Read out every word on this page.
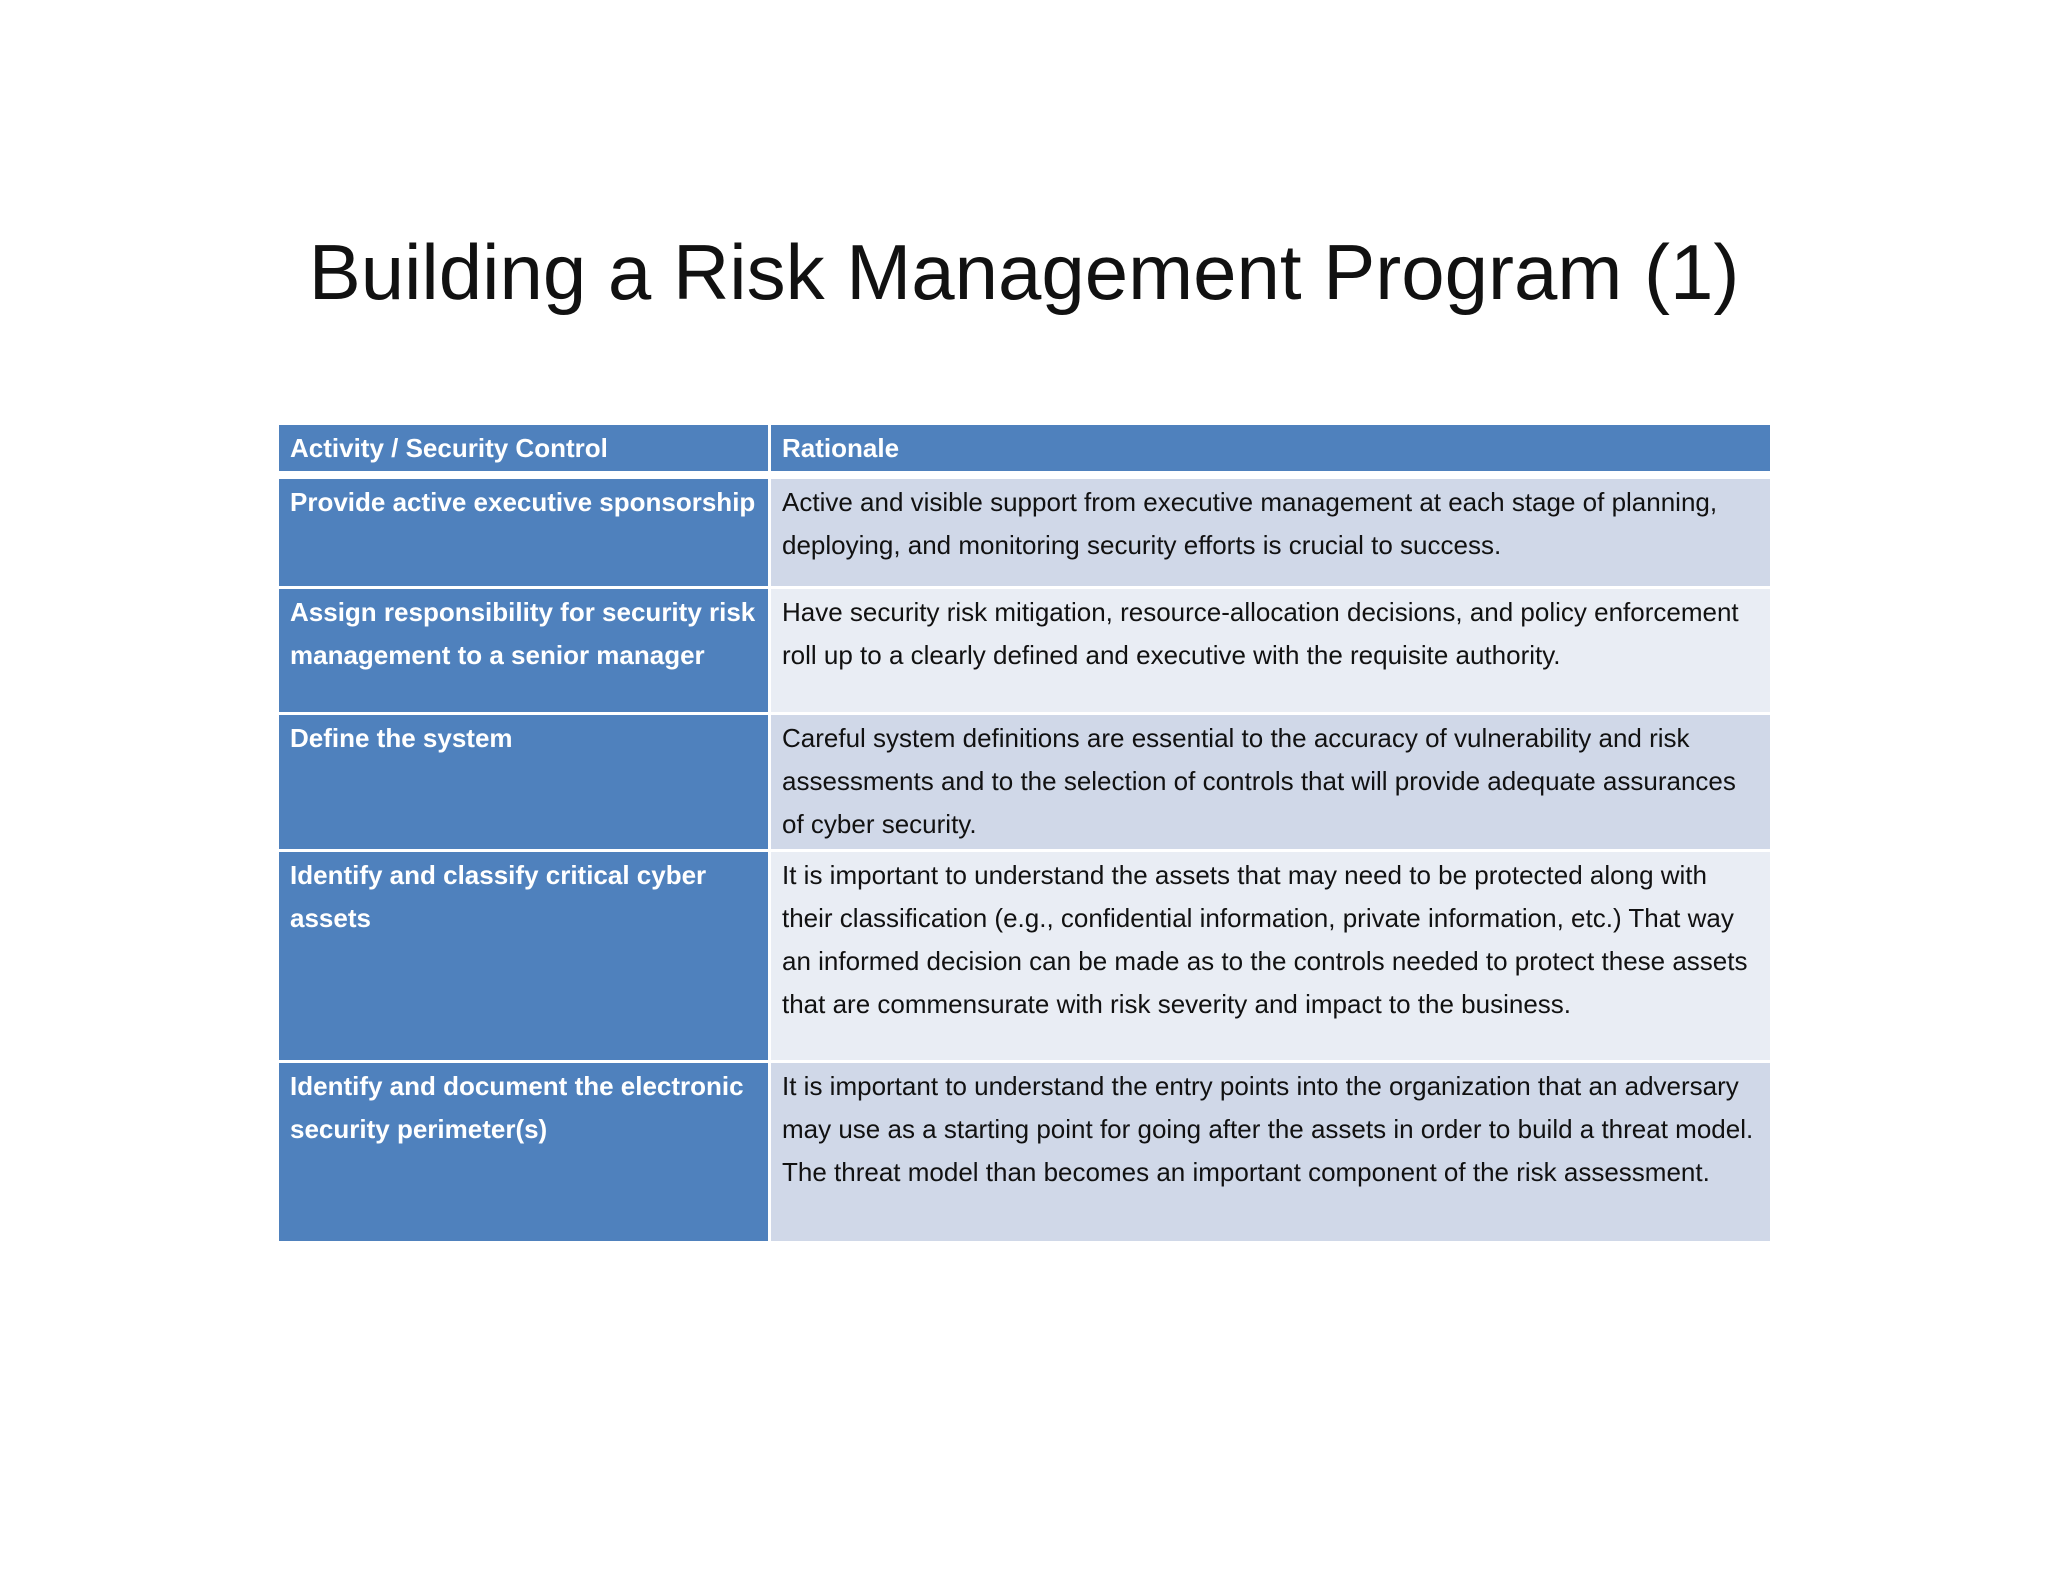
Building a Risk Management Program (1)
Activity / Security Control	Rationale
Provide active executive sponsorship	Active and visible support from executive management at each stage of planning, deploying, and monitoring security efforts is crucial to success.
Assign responsibility for security risk management to a senior manager	Have security risk mitigation, resource-allocation decisions, and policy enforcement roll up to a clearly defined and executive with the requisite authority.
Define the system	Careful system definitions are essential to the accuracy of vulnerability and risk assessments and to the selection of controls that will provide adequate assurances of cyber security.
Identify and classify critical cyber assets	It is important to understand the assets that may need to be protected along with their classification (e.g., confidential information, private information, etc.) That way an informed decision can be made as to the controls needed to protect these assets that are commensurate with risk severity and impact to the business.
Identify and document the electronic security perimeter(s)	It is important to understand the entry points into the organization that an adversary may use as a starting point for going after the assets in order to build a threat model. The threat model than becomes an important component of the risk assessment.
